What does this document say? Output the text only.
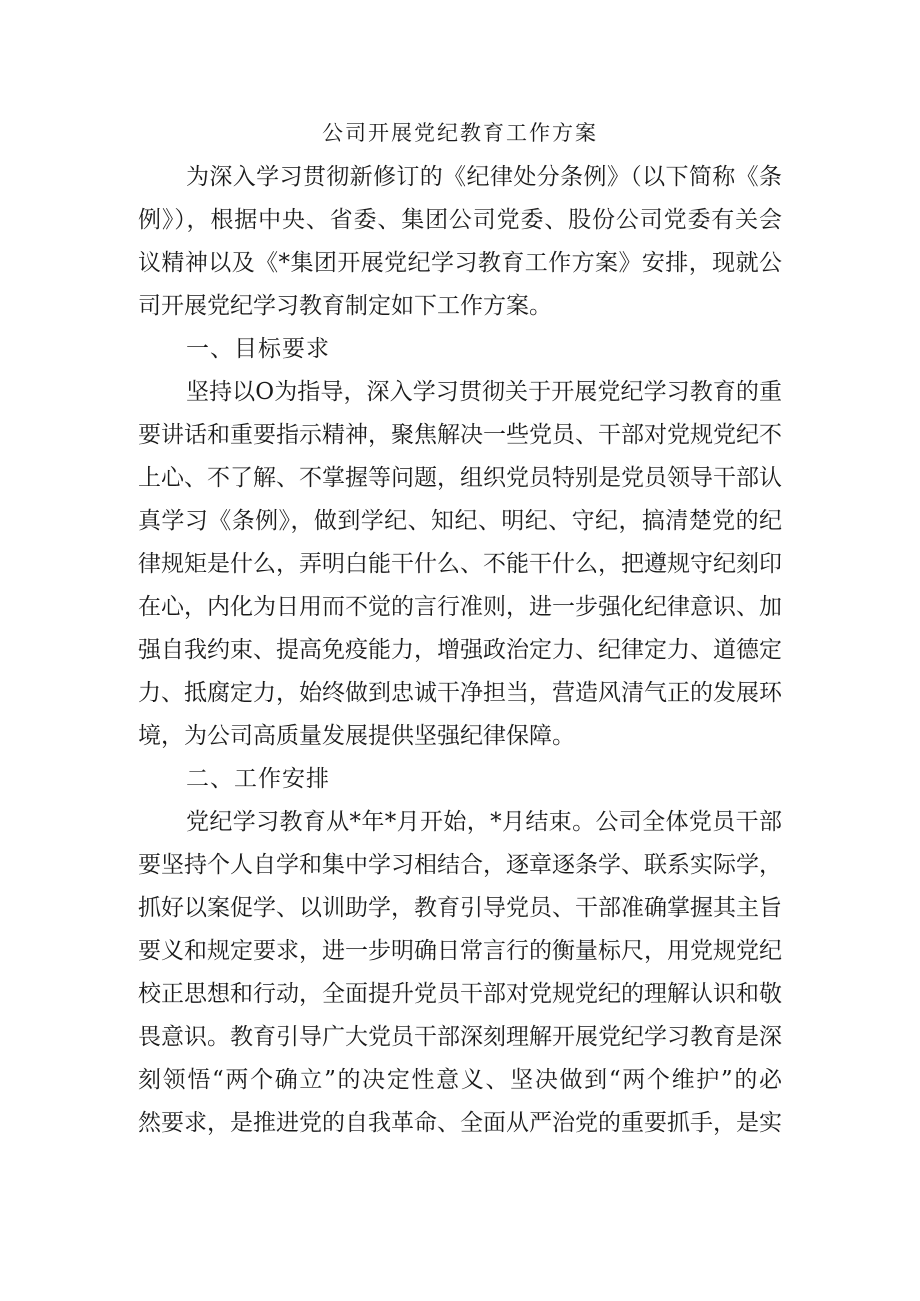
公司开展党纪教育工作方案
为深入学习贯彻新修订的《纪律处分条例》（以下简称《条
例》），根据中央、省委、集团公司党委、股份公司党委有关会
议精神以及《*集团开展党纪学习教育工作方案》安排，现就公
司开展党纪学习教育制定如下工作方案。
一、目标要求
坚持以O为指导，深入学习贯彻关于开展党纪学习教育的重
要讲话和重要指示精神，聚焦解决一些党员、干部对党规党纪不
上心、不了解、不掌握等问题，组织党员特别是党员领导干部认
真学习《条例》，做到学纪、知纪、明纪、守纪，搞清楚党的纪
律规矩是什么，弄明白能干什么、不能干什么，把遵规守纪刻印
在心，内化为日用而不觉的言行准则，进一步强化纪律意识、加
强自我约束、提高免疫能力，增强政治定力、纪律定力、道德定
力、抵腐定力，始终做到忠诚干净担当，营造风清气正的发展环
境，为公司高质量发展提供坚强纪律保障。
二、工作安排
党纪学习教育从*年*月开始，*月结束。公司全体党员干部
要坚持个人自学和集中学习相结合，逐章逐条学、联系实际学，
抓好以案促学、以训助学，教育引导党员、干部准确掌握其主旨
要义和规定要求，进一步明确日常言行的衡量标尺，用党规党纪
校正思想和行动，全面提升党员干部对党规党纪的理解认识和敬
畏意识。教育引导广大党员干部深刻理解开展党纪学习教育是深
刻领悟“两个确立”的决定性意义、坚决做到“两个维护”的必
然要求，是推进党的自我革命、全面从严治党的重要抓手，是实
